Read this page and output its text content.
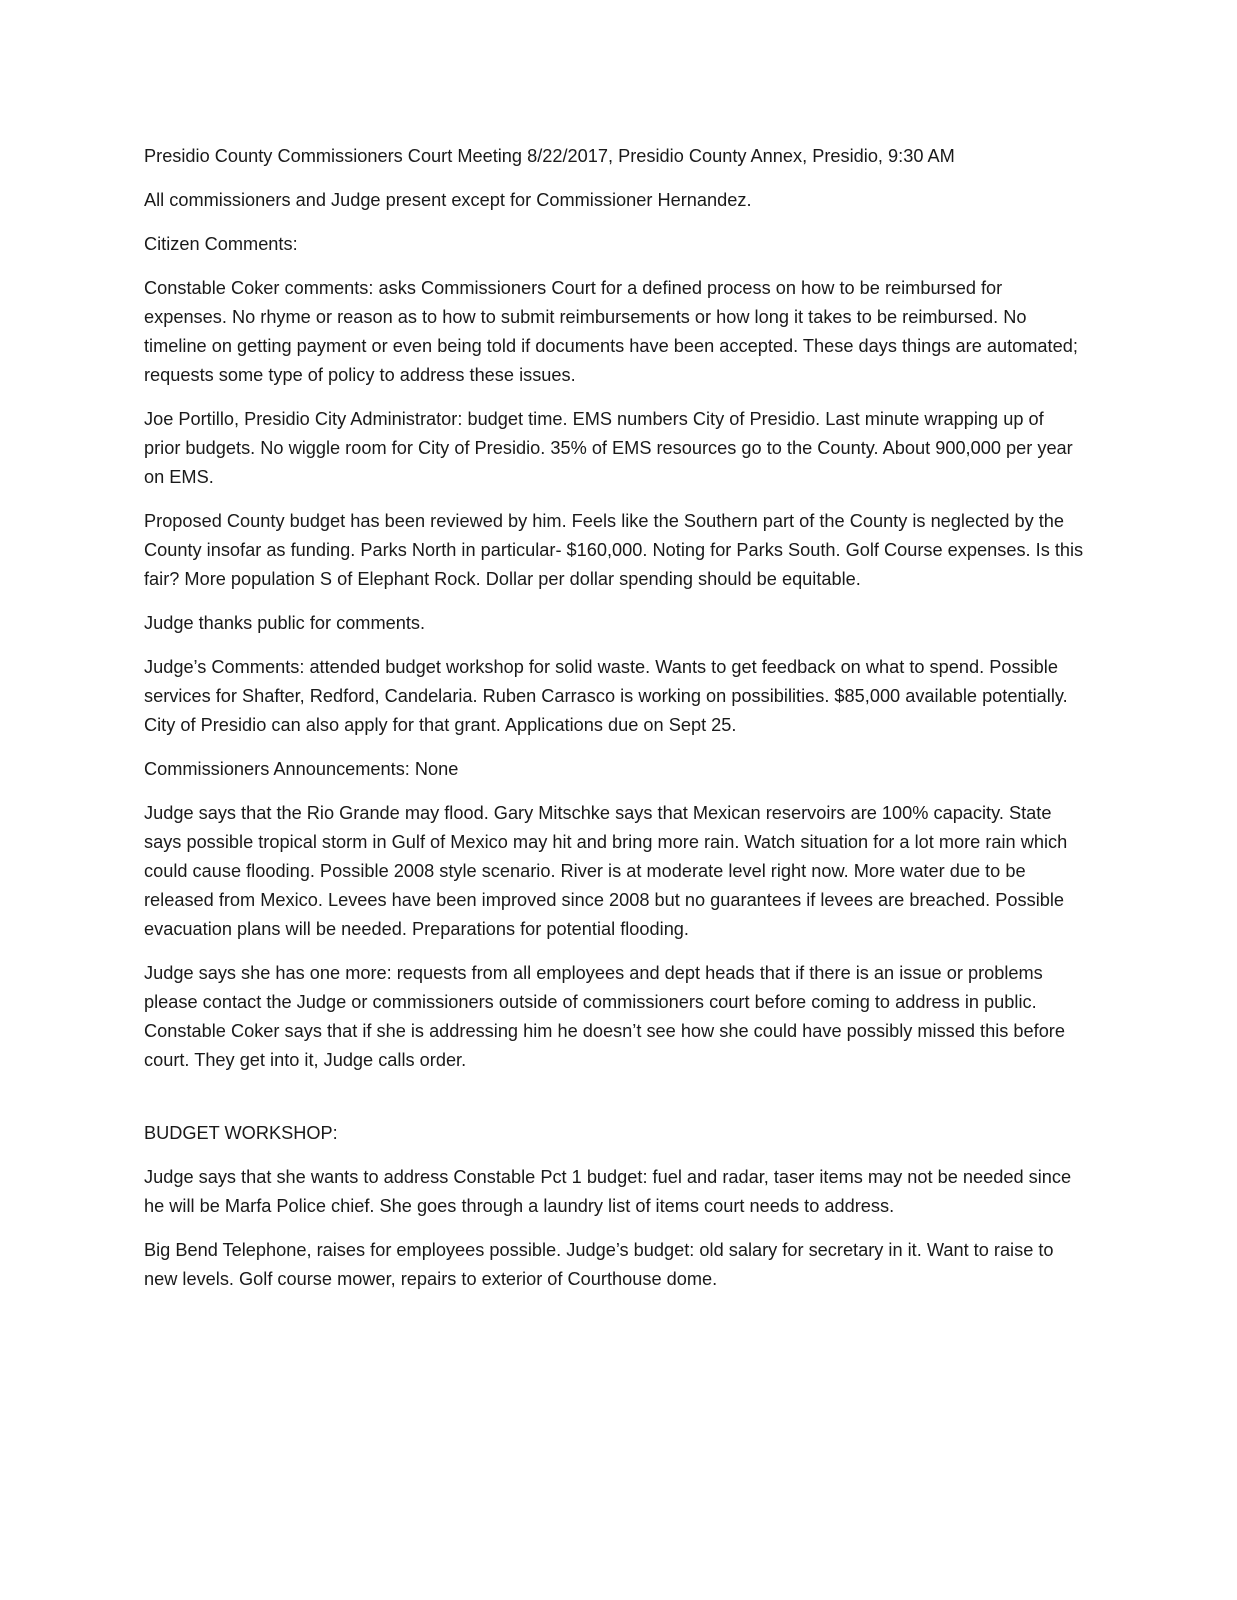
Presidio County Commissioners Court Meeting 8/22/2017, Presidio County Annex, Presidio, 9:30 AM

All commissioners and Judge present except for Commissioner Hernandez.

Citizen Comments:

Constable Coker comments: asks Commissioners Court for a defined process on how to be reimbursed for expenses. No rhyme or reason as to how to submit reimbursements or how long it takes to be reimbursed. No timeline on getting payment or even being told if documents have been accepted. These days things are automated; requests some type of policy to address these issues.

Joe Portillo, Presidio City Administrator: budget time. EMS numbers City of Presidio. Last minute wrapping up of prior budgets. No wiggle room for City of Presidio. 35% of EMS resources go to the County. About 900,000 per year on EMS.

Proposed County budget has been reviewed by him. Feels like the Southern part of the County is neglected by the County insofar as funding. Parks North in particular- $160,000. Noting for Parks South. Golf Course expenses. Is this fair? More population S of Elephant Rock. Dollar per dollar spending should be equitable.

Judge thanks public for comments.

Judge’s Comments: attended budget workshop for solid waste. Wants to get feedback on what to spend. Possible services for Shafter, Redford, Candelaria. Ruben Carrasco is working on possibilities. $85,000 available potentially. City of Presidio can also apply for that grant. Applications due on Sept 25.

Commissioners Announcements: None

Judge says that the Rio Grande may flood. Gary Mitschke says that Mexican reservoirs are 100% capacity. State says possible tropical storm in Gulf of Mexico may hit and bring more rain. Watch situation for a lot more rain which could cause flooding. Possible 2008 style scenario. River is at moderate level right now. More water due to be released from Mexico. Levees have been improved since 2008 but no guarantees if levees are breached. Possible evacuation plans will be needed. Preparations for potential flooding.

Judge says she has one more: requests from all employees and dept heads that if there is an issue or problems please contact the Judge or commissioners outside of commissioners court before coming to address in public. Constable Coker says that if she is addressing him he doesn’t see how she could have possibly missed this before court. They get into it, Judge calls order.

BUDGET WORKSHOP:

Judge says that she wants to address Constable Pct 1 budget: fuel and radar, taser items may not be needed since he will be Marfa Police chief. She goes through a laundry list of items court needs to address.

Big Bend Telephone, raises for employees possible. Judge’s budget: old salary for secretary in it. Want to raise to new levels. Golf course mower, repairs to exterior of Courthouse dome.
